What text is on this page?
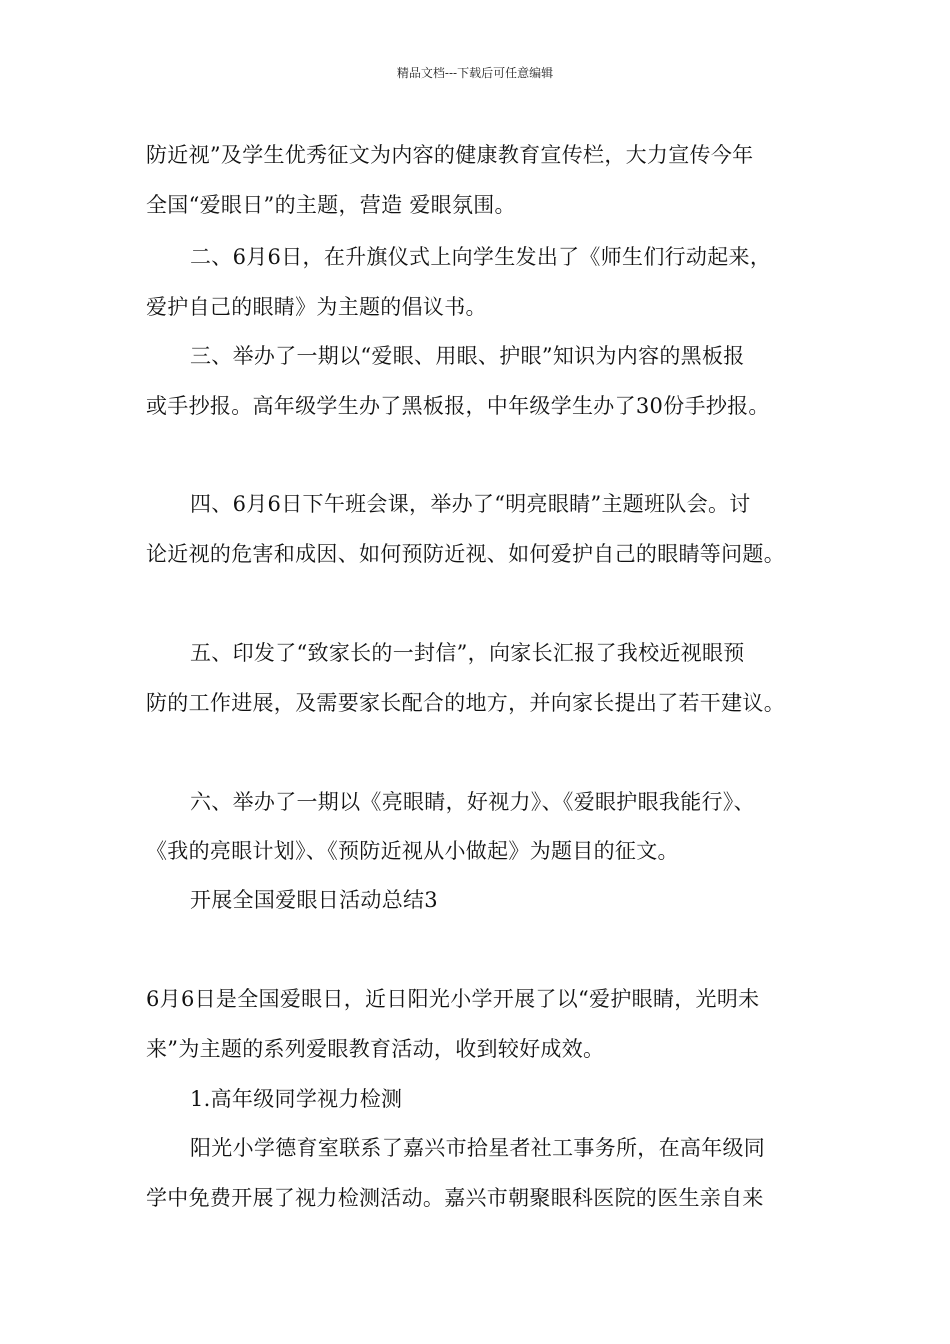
精品文档---下载后可任意编辑
防近视”及学生优秀征文为内容的健康教育宣传栏，大力宣传今年
全国“爱眼日”的主题，营造 爱眼氛围。
二、6月6日，在升旗仪式上向学生发出了《师生们行动起来，
爱护自己的眼睛》为主题的倡议书。
三、举办了一期以“爱眼、用眼、护眼”知识为内容的黑板报
或手抄报。高年级学生办了黑板报，中年级学生办了30份手抄报。
四、6月6日下午班会课，举办了“明亮眼睛”主题班队会。讨
论近视的危害和成因、如何预防近视、如何爱护自己的眼睛等问题。
五、印发了“致家长的一封信”，向家长汇报了我校近视眼预
防的工作进展，及需要家长配合的地方，并向家长提出了若干建议。
六、举办了一期以《亮眼睛，好视力》、《爱眼护眼我能行》、
《我的亮眼计划》、《预防近视从小做起》为题目的征文。
开展全国爱眼日活动总结3
6月6日是全国爱眼日，近日阳光小学开展了以“爱护眼睛，光明未
来”为主题的系列爱眼教育活动，收到较好成效。
1.高年级同学视力检测
阳光小学德育室联系了嘉兴市拾星者社工事务所，在高年级同
学中免费开展了视力检测活动。嘉兴市朝聚眼科医院的医生亲自来
